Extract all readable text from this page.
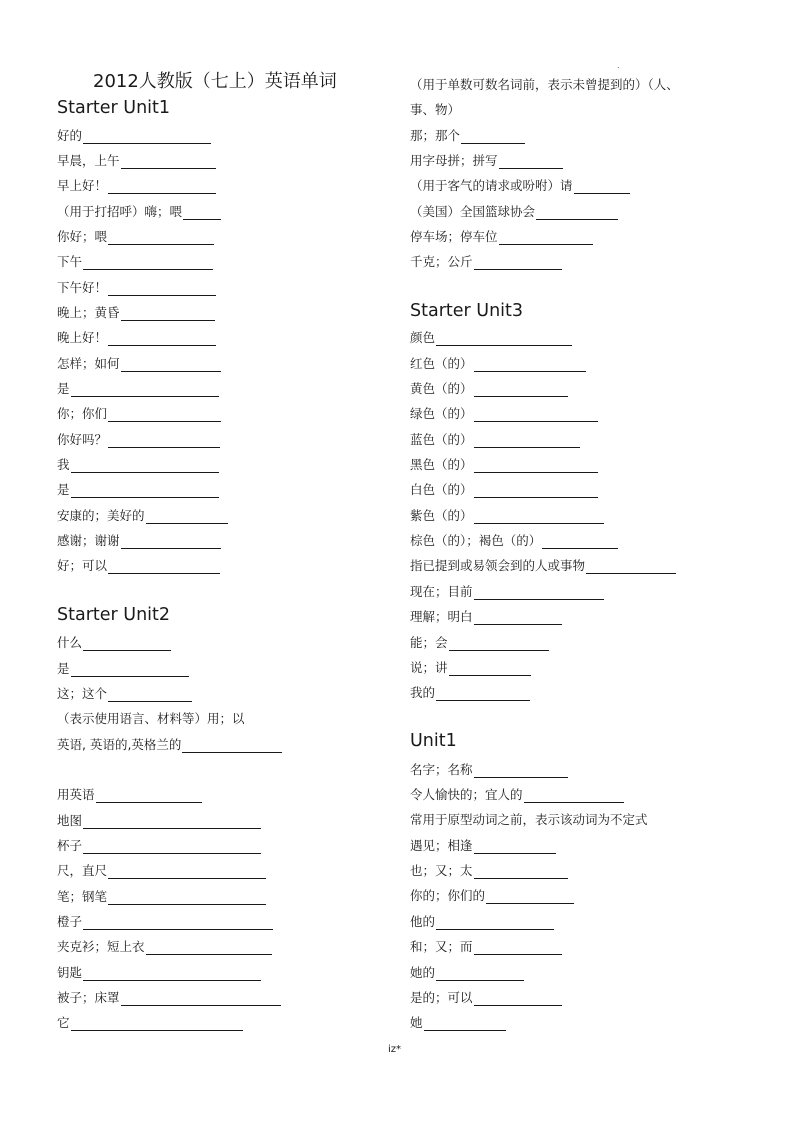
.
2012人教版（七上）英语单词
Starter Unit1
好的
早晨，上午
早上好！
（用于打招呼）嗨；喂
你好；喂
下午
下午好！
晚上；黄昏
晚上好！
怎样；如何
是
你；你们
你好吗？
我
是
安康的；美好的
感谢；谢谢
好；可以
Starter Unit2
什么
是
这；这个
（表示使用语言、材料等）用；以
英语, 英语的,英格兰的
用英语
地图
杯子
尺，直尺
笔；钢笔
橙子
夹克衫；短上衣
钥匙
被子；床罩
它
（用于单数可数名词前，表示未曾提到的）（人、
事、物）
那；那个
用字母拼；拼写
（用于客气的请求或吩咐）请
（美国）全国篮球协会
停车场；停车位
千克；公斤
Starter Unit3
颜色
红色（的）
黄色（的）
绿色（的）
蓝色（的）
黑色（的）
白色（的）
紫色（的）
棕色（的）；褐色（的）
指已提到或易领会到的人或事物
现在；目前
理解；明白
能；会
说；讲
我的
Unit1
名字；名称
令人愉快的；宜人的
常用于原型动词之前，表示该动词为不定式
遇见；相逢
也；又；太
你的；你们的
他的
和；又；而
她的
是的；可以
她
iz*
